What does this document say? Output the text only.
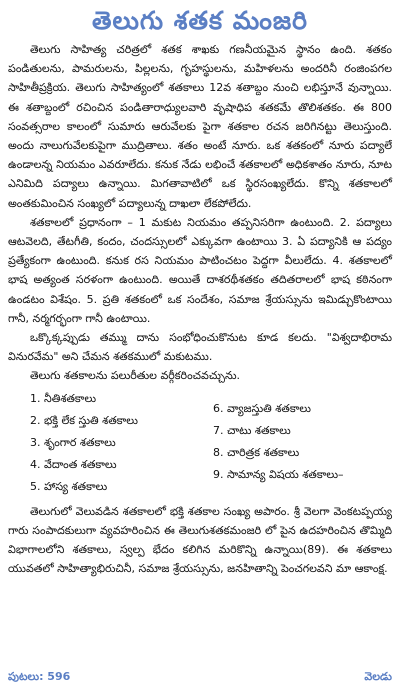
తెలుగు శతక మంజరి

తెలుగు సాహిత్య చరిత్రలో శతక శాఖకు గణనీయమైన స్థానం ఉంది. శతకం పండితులను, పామరులను, పిల్లలను, గృహస్థులను, మహిళలను అందరినీ రంజింపగల సాహితీప్రక్రియ. తెలుగు సాహిత్యంలో శతకాలు 12వ శతాబ్దం నుంచి లభిస్తూనే వున్నాయి. ఈ శతాబ్దంలో రచించిన పండితారాధ్యులవారి వృషాధిప శతకమే తొలిశతకం. ఈ 800 సంవత్సరాల కాలంలో సుమారు ఆరువేలకు పైగా శతకాల రచన జరిగినట్టు తెలుస్తుంది. అందు నాలుగువేలకుపైగా ముద్రితాలు. శతం అంటే నూరు. ఒక శతకంలో నూరు పద్యాలే ఉండాలన్న నియమం ఎవరూలేదు. కనుక నేడు లభించే శతకాలలో అధికశాతం నూరు, నూట ఎనిమిది పద్యాలు ఉన్నాయి. మిగతావాటిలో ఒక స్థిరసంఖ్యలేదు. కొన్ని శతకాలలో అంతకుమించిన సంఖ్యలో పద్యాలున్న దాఖలా లేకపోలేదు.

శతకాలలో ప్రధానంగా – 1 మకుట నియమం తప్పనిసరిగా ఉంటుంది. 2. పద్యాలు ఆటవెలది, తేటగీతి, కందం, చందస్సులలో ఎక్కువగా ఉంటాయి 3. ఏ పద్యానికి ఆ పద్యం ప్రత్యేకంగా ఉంటుంది. కనుక రస నియమం పాటించటం పెద్దగా వీలులేదు. 4. శతకాలలో భాష అత్యంత సరళంగా ఉంటుంది. అయితే దాశరథీశతకం తదితరాలలో భాష కఠినంగా ఉండటం విశేషం. 5. ప్రతి శతకంలో ఒక సందేశం, సమాజ శ్రేయస్సును ఇమిడ్చుకొంటాయి గానీ, నర్మగర్భంగా గానీ ఉంటాయి.

ఒక్కొక్కప్పుడు తమ్ము దాను సంభోధించుకొనుట కూడ కలదు. "విశ్వదాభిరామ వినురవేమ" అని చేమన శతకములో మకుటము.

తెలుగు శతకాలను పలురీతుల వర్గీకరించవచ్చును.

1. నీతిశతకాలు
2. భక్తి లేక స్తుతి శతకాలు
3. శృంగార శతకాలు
4. వేదాంత శతకాలు
5. హాస్య శతకాలు
6. వ్యాజస్తుతి శతకాలు
7. చాటు శతకాలు
8. చారిత్రక శతకాలు
9. సామాన్య విషయ శతకాలు–

తెలుగులో వెలువడిన శతకాలలో భక్తి శతకాల సంఖ్య అపారం. శ్రీ వెలగా వెంకటప్పయ్య గారు సంపాదకులుగా వ్యవహరించిన ఈ తెలుగుశతకమంజరి లో పైన ఉదహరించిన తొమ్మిది విభాగాలలోని శతకాలు, స్వల్ప భేదం కలిగిన మరికొన్ని ఉన్నాయి(89). ఈ శతకాలు యువతలో సాహిత్యాభిరుచినీ, సమాజ శ్రేయస్సును, జనహితాన్ని పెంచగలవని మా ఆకాంక్ష.

పుటలు: 596	వెలడు
